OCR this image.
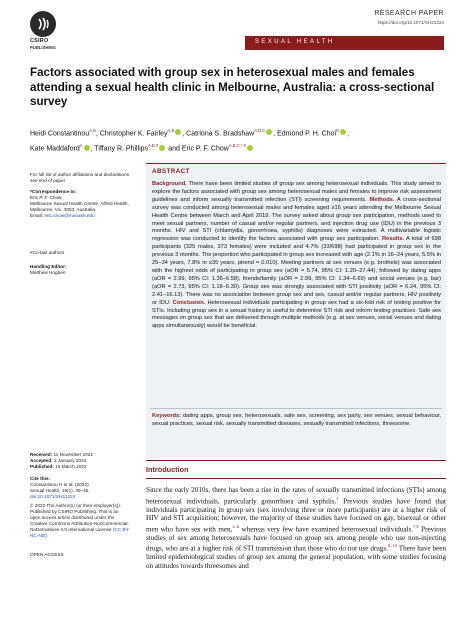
CSIRO
PUBLISHING
RESEARCH PAPER
https://doi.org/10.1071/SH21224
SEXUAL HEALTH
Factors associated with group sex in heterosexual males and females attending a sexual health clinic in Melbourne, Australia: a cross-sectional survey
Heidi Constantinou$^{A,B}$, Christopher K. Fairley$^{A,B}$ , Catriona S. Bradshaw$^{A,B,C}$ , Edmond P. H. Choi$^D$ ,
Kate Maddaford$^A$ , Tiffany R. Phillips$^{A,B,\#}$ and Eric P. F. Chow$^{A,B,C,*,\#}$
For full list of author affiliations and declarations see end of paper
*Correspondence to:
Eric P. F. Chow
Melbourne Sexual Health Centre, Alfred Health, Melbourne, Vic. 3053, Australia
Email: eric.chow@monash.edu
#Co-last authors
Handling Editor:
Matthew Hogben
Received: 11 November 2021
Accepted: 2 January 2022
Published: 16 March 2022
Cite this:
Constantinou H et al. (2022)
Sexual Health, 19(1), 39–45.
doi:10.1071/SH21224
© 2022 The Author(s) (or their employer(s)). Published by CSIRO Publishing. This is an open access article distributed under the Creative Commons Attribution-NonCommercial-NoDerivatives 4.0 International License (CC BY-NC-ND).
OPEN ACCESS
ABSTRACT
Background. There have been limited studies of group sex among heterosexual individuals. This study aimed to explore the factors associated with group sex among heterosexual males and females to improve risk assessment guidelines and inform sexually transmitted infection (STI) screening requirements. Methods. A cross-sectional survey was conducted among heterosexual males and females aged ≥16 years attending the Melbourne Sexual Health Centre between March and April 2019. The survey asked about group sex participation, methods used to meet sexual partners, number of casual and/or regular partners, and injection drug use (IDU) in the previous 3 months. HIV and STI (chlamydia, gonorrhoea, syphilis) diagnoses were extracted. A multivariable logistic regression was conducted to identify the factors associated with group sex participation. Results. A total of 698 participants (325 males, 373 females) were included and 4.7% (33/698) had participated in group sex in the previous 3 months. The proportion who participated in group sex increased with age (2.1% in 16–24 years, 5.5% in 25–34 years, 7.8% in ≥35 years, ptrend = 0.010). Meeting partners at sex venues (e.g. brothels) was associated with the highest odds of participating in group sex (aOR = 5.74, 95% CI: 1.20–27.44), followed by dating apps (aOR = 2.99, 95% CI: 1.36–6.58), friends/family (aOR = 2.99, 95% CI: 1.34–6.69) and social venues (e.g. bar) (aOR = 2.73, 95% CI: 1.18–6.30). Group sex was strongly associated with STI positivity (aOR = 6.24, 95% CI: 2.41–16.13). There was no association between group sex and sex, casual and/or regular partners, HIV positivity or IDU. Conclusion. Heterosexual individuals participating in group sex had a six-fold risk of testing positive for STIs. Including group sex in a sexual history is useful to determine STI risk and inform testing practices. Safe sex messages on group sex that are delivered through multiple methods (e.g. at sex venues, social venues and dating apps simultaneously) would be beneficial.
Keywords: dating apps, group sex, heterosexuals, safe sex, screening, sex party, sex venues, sexual behaviour, sexual practices, sexual risk, sexually transmitted diseases, sexually transmitted infections, threesome.
Introduction
Since the early 2010s, there has been a rise in the rates of sexually transmitted infections (STIs) among heterosexual individuals, particularly gonorrhoea and syphilis.$^1$ Previous studies have found that individuals participating in group sex (sex involving three or more participants) are at a higher risk of HIV and STI acquisition; however, the majority of these studies have focused on gay, bisexual or other men who have sex with men,$^{2-6}$ whereas very few have examined heterosexual individuals.$^{7,8}$ Previous studies of sex among heterosexuals have focused on group sex among people who use non-injecting drugs, who are at a higher risk of STI transmission than those who do not use drugs.$^{8-10}$ There have been limited epidemiological studies of group sex among the general population, with some studies focusing on attitudes towards threesomes and
